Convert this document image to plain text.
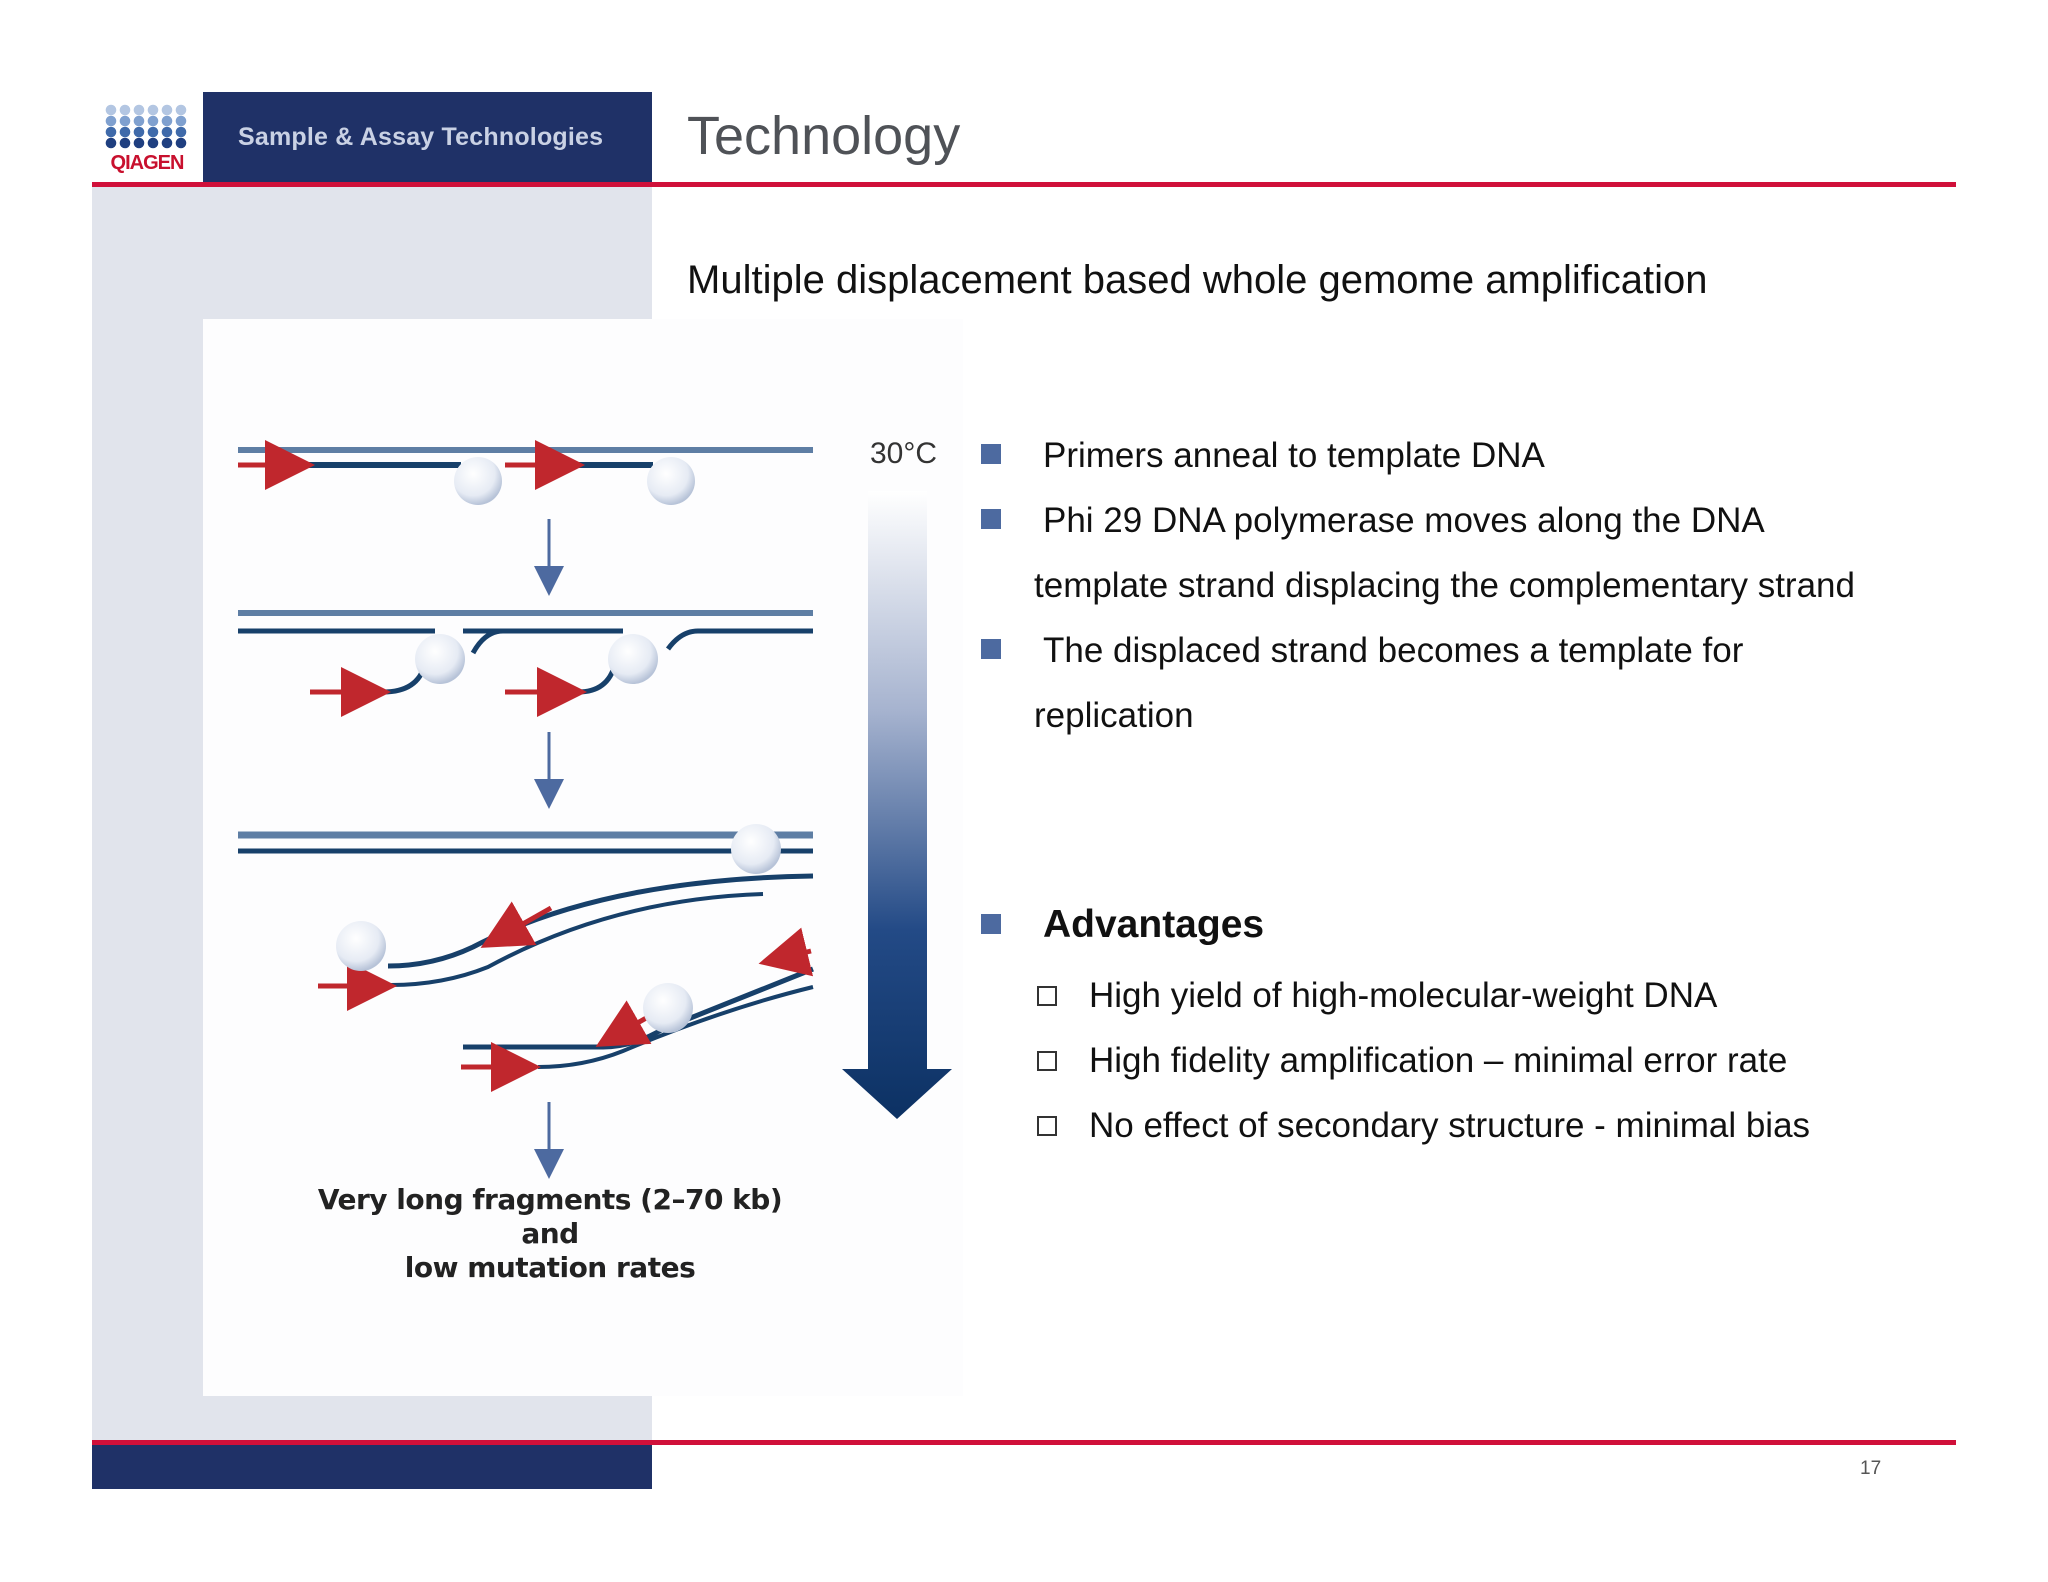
Sample & Assay Technologies
QIAGEN	Technology
Multiple displacement based whole gemome amplification
30°C
Very long fragments (2–70 kb) and
low mutation rates
Primers anneal to template DNA
Phi 29 DNA polymerase moves along the DNA
template strand displacing the complementary strand
The displaced strand becomes a template for
replication
Advantages
High yield of high-molecular-weight DNA
High fidelity amplification – minimal error rate
No effect of secondary structure - minimal bias
17
